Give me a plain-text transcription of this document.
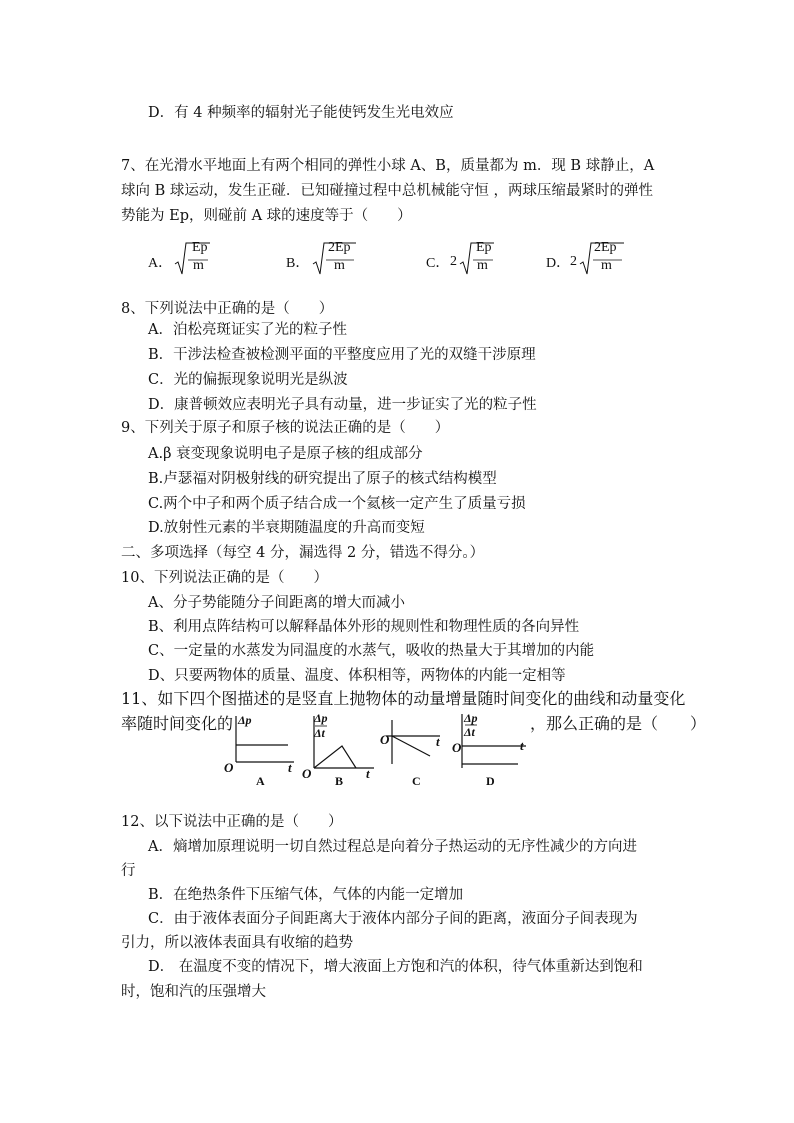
D．有 4 种频率的辐射光子能使钙发生光电效应
7、在光滑水平地面上有两个相同的弹性小球 A、B，质量都为 m．现 B 球静止，A
球向 B 球运动，发生正碰．已知碰撞过程中总机械能守恒 ，两球压缩最紧时的弹性
势能为 Ep，则碰前 A 球的速度等于（　　）
A．
Ep
m	B．
2Ep
m	C． 2
Ep
m	D． 2
2Ep
m
8、下列说法中正确的是（　　）
A．泊松亮斑证实了光的粒子性
B．干涉法检查被检测平面的平整度应用了光的双缝干涉原理
C．光的偏振现象说明光是纵波
D．康普顿效应表明光子具有动量，进一步证实了光的粒子性
9、下列关于原子和原子核的说法正确的是（　　）
A.β 衰变现象说明电子是原子核的组成部分
B.卢瑟福对阴极射线的研究提出了原子的核式结构模型
C.两个中子和两个质子结合成一个氦核一定产生了质量亏损
D.放射性元素的半衰期随温度的升高而变短
二、多项选择（每空 4 分，漏选得 2 分，错选不得分。）
10、下列说法正确的是（　　）
A、分子势能随分子间距离的增大而减小
B、利用点阵结构可以解释晶体外形的规则性和物理性质的各向异性
C、一定量的水蒸发为同温度的水蒸气，吸收的热量大于其增加的内能
D、只要两物体的质量、温度、体积相等，两物体的内能一定相等
11、如下四个图描述的是竖直上抛物体的动量增量随时间变化的曲线和动量变化
率随时间变化的	，那么正确的是（　　）
Δp
O	t
A
Δp
Δt
O	t
B
O	t
C
Δp
Δt
O	t
D
12、以下说法中正确的是（　　）
A．熵增加原理说明一切自然过程总是向着分子热运动的无序性减少的方向进
行
B．在绝热条件下压缩气体，气体的内能一定增加
C．由于液体表面分子间距离大于液体内部分子间的距离，液面分子间表现为
引力，所以液体表面具有收缩的趋势
D． 在温度不变的情况下，增大液面上方饱和汽的体积，待气体重新达到饱和
时，饱和汽的压强增大
